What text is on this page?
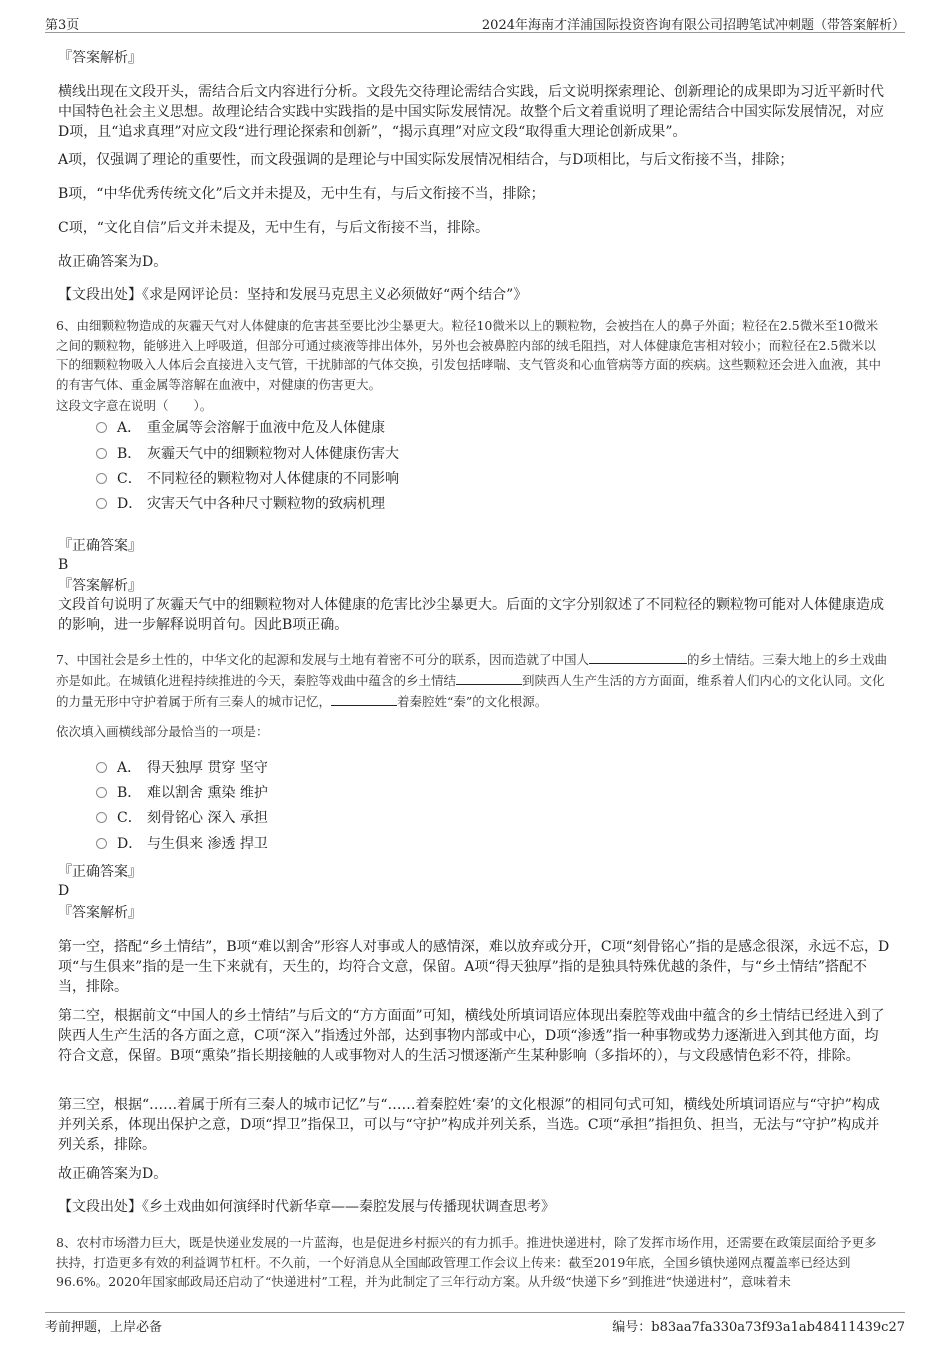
第3页	2024年海南才洋浦国际投资咨询有限公司招聘笔试冲刺题（带答案解析）

『答案解析』

横线出现在文段开头，需结合后文内容进行分析。文段先交待理论需结合实践，后文说明探索理论、创新理论的成果即为习近平新时代中国特色社会主义思想。故理论结合实践中实践指的是中国实际发展情况。故整个后文着重说明了理论需结合中国实际发展情况，对应D项，且“追求真理”对应文段“进行理论探索和创新”，“揭示真理”对应文段“取得重大理论创新成果”。

A项，仅强调了理论的重要性，而文段强调的是理论与中国实际发展情况相结合，与D项相比，与后文衔接不当，排除；

B项，“中华优秀传统文化”后文并未提及，无中生有，与后文衔接不当，排除；

C项，“文化自信”后文并未提及，无中生有，与后文衔接不当，排除。

故正确答案为D。

【文段出处】《求是网评论员：坚持和发展马克思主义必须做好“两个结合”》

6、由细颗粒物造成的灰霾天气对人体健康的危害甚至要比沙尘暴更大。粒径10微米以上的颗粒物，会被挡在人的鼻子外面；粒径在2.5微米至10微米之间的颗粒物，能够进入上呼吸道，但部分可通过痰液等排出体外，另外也会被鼻腔内部的绒毛阻挡，对人体健康危害相对较小；而粒径在2.5微米以下的细颗粒物吸入人体后会直接进入支气管，干扰肺部的气体交换，引发包括哮喘、支气管炎和心血管病等方面的疾病。这些颗粒还会进入血液，其中的有害气体、重金属等溶解在血液中，对健康的伤害更大。

这段文字意在说明（　　）。

A． 重金属等会溶解于血液中危及人体健康
B． 灰霾天气中的细颗粒物对人体健康伤害大
C． 不同粒径的颗粒物对人体健康的不同影响
D． 灾害天气中各种尺寸颗粒物的致病机理

『正确答案』

B

『答案解析』

文段首句说明了灰霾天气中的细颗粒物对人体健康的危害比沙尘暴更大。后面的文字分别叙述了不同粒径的颗粒物可能对人体健康造成的影响，进一步解释说明首句。因此B项正确。

7、中国社会是乡土性的，中华文化的起源和发展与土地有着密不可分的联系，因而造就了中国人	的乡土情结。三秦大地上的乡土戏曲亦是如此。在城镇化进程持续推进的今天，秦腔等戏曲中蕴含的乡土情结	到陕西人生产生活的方方面面，维系着人们内心的文化认同。文化的力量无形中守护着属于所有三秦人的城市记忆，	着秦腔姓“秦”的文化根源。

依次填入画横线部分最恰当的一项是：

A． 得天独厚 贯穿 坚守
B． 难以割舍 熏染 维护
C． 刻骨铭心 深入 承担
D． 与生俱来 渗透 捍卫

『正确答案』

D

『答案解析』

第一空，搭配“乡土情结”，B项“难以割舍”形容人对事或人的感情深，难以放弃或分开，C项“刻骨铭心”指的是感念很深，永远不忘，D项“与生俱来”指的是一生下来就有，天生的，均符合文意，保留。A项“得天独厚”指的是独具特殊优越的条件，与“乡土情结”搭配不当，排除。

第二空，根据前文“中国人的乡土情结”与后文的“方方面面”可知，横线处所填词语应体现出秦腔等戏曲中蕴含的乡土情结已经进入到了陕西人生产生活的各方面之意，C项“深入”指透过外部，达到事物内部或中心，D项“渗透”指一种事物或势力逐渐进入到其他方面，均符合文意，保留。B项“熏染”指长期接触的人或事物对人的生活习惯逐渐产生某种影响（多指坏的），与文段感情色彩不符，排除。

第三空，根据“……着属于所有三秦人的城市记忆”与“……着秦腔姓‘秦’的文化根源”的相同句式可知，横线处所填词语应与“守护”构成并列关系，体现出保护之意，D项“捍卫”指保卫，可以与“守护”构成并列关系，当选。C项“承担”指担负、担当，无法与“守护”构成并列关系，排除。

故正确答案为D。

【文段出处】《乡土戏曲如何演绎时代新华章——秦腔发展与传播现状调查思考》

8、农村市场潜力巨大，既是快递业发展的一片蓝海，也是促进乡村振兴的有力抓手。推进快递进村，除了发挥市场作用，还需要在政策层面给予更多扶持，打造更多有效的利益调节杠杆。不久前，一个好消息从全国邮政管理工作会议上传来：截至2019年底，全国乡镇快递网点覆盖率已经达到96.6%。2020年国家邮政局还启动了“快递进村”工程，并为此制定了三年行动方案。从升级“快递下乡”到推进“快递进村”，意味着未

考前押题，上岸必备	编号：b83aa7fa330a73f93a1ab48411439c27
